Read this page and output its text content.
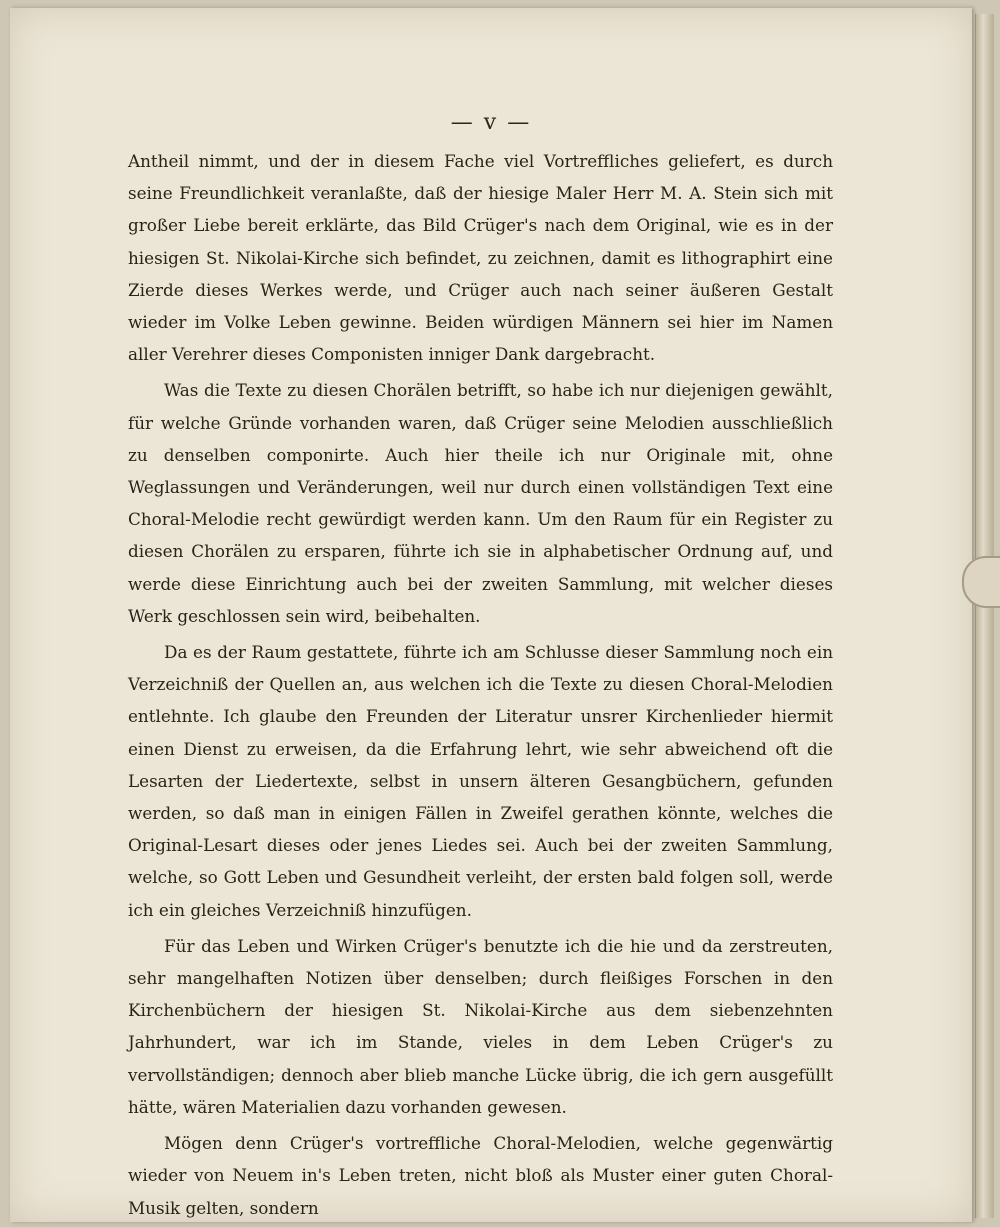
— v —

Antheil nimmt, und der in diesem Fache viel Vortreffliches geliefert, es durch seine Freundlichkeit veranlaßte, daß der hiesige Maler Herr M. A. Stein sich mit großer Liebe bereit erklärte, das Bild Crüger's nach dem Original, wie es in der hiesigen St. Nikolai-Kirche sich befindet, zu zeichnen, damit es lithographirt eine Zierde dieses Werkes werde, und Crüger auch nach seiner äußeren Gestalt wieder im Volke Leben gewinne. Beiden würdigen Männern sei hier im Namen aller Verehrer dieses Componisten inniger Dank dargebracht.

Was die Texte zu diesen Chorälen betrifft, so habe ich nur diejenigen gewählt, für welche Gründe vorhanden waren, daß Crüger seine Melodien ausschließlich zu denselben componirte. Auch hier theile ich nur Originale mit, ohne Weglassungen und Veränderungen, weil nur durch einen vollständigen Text eine Choral-Melodie recht gewürdigt werden kann. Um den Raum für ein Register zu diesen Chorälen zu ersparen, führte ich sie in alphabetischer Ordnung auf, und werde diese Einrichtung auch bei der zweiten Sammlung, mit welcher dieses Werk geschlossen sein wird, beibehalten.

Da es der Raum gestattete, führte ich am Schlusse dieser Sammlung noch ein Verzeichniß der Quellen an, aus welchen ich die Texte zu diesen Choral-Melodien entlehnte. Ich glaube den Freunden der Literatur unsrer Kirchenlieder hiermit einen Dienst zu erweisen, da die Erfahrung lehrt, wie sehr abweichend oft die Lesarten der Liedertexte, selbst in unsern älteren Gesangbüchern, gefunden werden, so daß man in einigen Fällen in Zweifel gerathen könnte, welches die Original-Lesart dieses oder jenes Liedes sei. Auch bei der zweiten Sammlung, welche, so Gott Leben und Gesundheit verleiht, der ersten bald folgen soll, werde ich ein gleiches Verzeichniß hinzufügen.

Für das Leben und Wirken Crüger's benutzte ich die hie und da zerstreuten, sehr mangelhaften Notizen über denselben; durch fleißiges Forschen in den Kirchenbüchern der hiesigen St. Nikolai-Kirche aus dem siebenzehnten Jahrhundert, war ich im Stande, vieles in dem Leben Crüger's zu vervollständigen; dennoch aber blieb manche Lücke übrig, die ich gern ausgefüllt hätte, wären Materialien dazu vorhanden gewesen.

Mögen denn Crüger's vortreffliche Choral-Melodien, welche gegenwärtig wieder von Neuem in's Leben treten, nicht bloß als Muster einer guten Choral-Musik gelten, sondern
